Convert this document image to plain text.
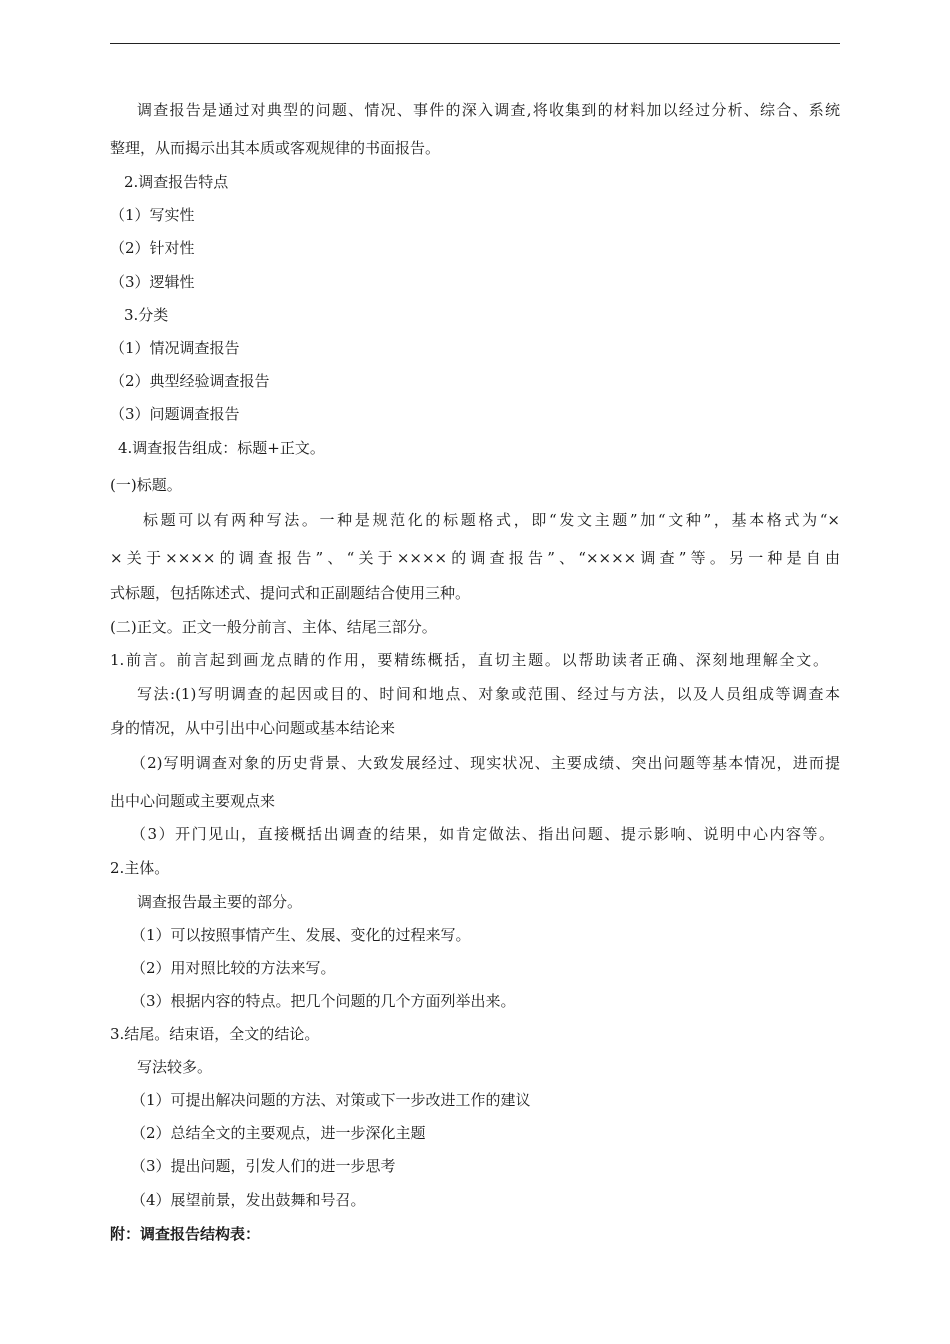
调查报告是通过对典型的问题、情况、事件的深入调查,将收集到的材料加以经过分析、综合、系统
整理，从而揭示出其本质或客观规律的书面报告。
2.调查报告特点
（1）写实性
（2）针对性
（3）逻辑性
3.分类
（1）情况调查报告
（2）典型经验调查报告
（3）问题调查报告
4.调查报告组成：标题+正文。
(一)标题。
标题可以有两种写法。一种是规范化的标题格式，即“发文主题”加“文种”，基本格式为“×
×关于××××的调查报告”、“关于××××的调查报告”、“××××调查”等。另一种是自由
式标题，包括陈述式、提问式和正副题结合使用三种。
(二)正文。正文一般分前言、主体、结尾三部分。
1.前言。前言起到画龙点睛的作用，要精练概括，直切主题。以帮助读者正确、深刻地理解全文。
写法:(1)写明调查的起因或目的、时间和地点、对象或范围、经过与方法，以及人员组成等调查本
身的情况，从中引出中心问题或基本结论来
（2)写明调查对象的历史背景、大致发展经过、现实状况、主要成绩、突出问题等基本情况，进而提
出中心问题或主要观点来
（3）开门见山，直接概括出调查的结果，如肯定做法、指出问题、提示影响、说明中心内容等。
2.主体。
调查报告最主要的部分。
（1）可以按照事情产生、发展、变化的过程来写。
（2）用对照比较的方法来写。
（3）根据内容的特点。把几个问题的几个方面列举出来。
3.结尾。结束语，全文的结论。
写法较多。
（1）可提出解决问题的方法、对策或下一步改进工作的建议
（2）总结全文的主要观点，进一步深化主题
（3）提出问题，引发人们的进一步思考
（4）展望前景，发出鼓舞和号召。
附：调查报告结构表：
